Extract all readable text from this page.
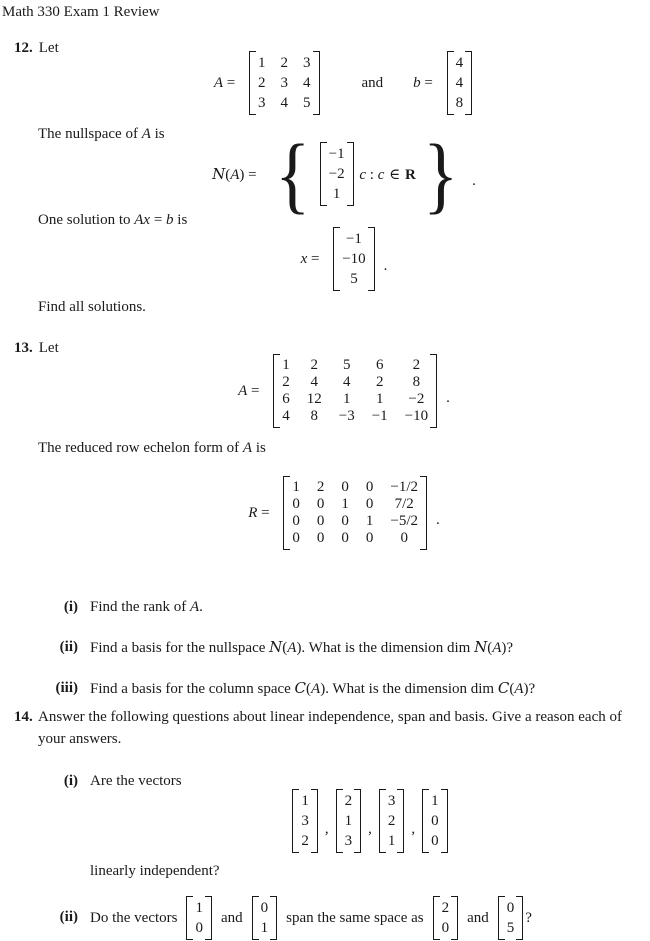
Math 330 Exam 1 Review
12. Let
A =
1 2 3
2 3 4
3 4 5
and b =
4
4
8
The nullspace of A is
N(A) = { −1
−2
1
c : c ∈ R } .
One solution to Ax = b is
x =
−1
−10
5
.
Find all solutions.
13. Let
A =
1 2 5 6 2
2 4 4 2 8
6 12 1 1 −2
4 8 −3 −1 −10
.
The reduced row echelon form of A is
R =
1 2 0 0 −1/2
0 0 1 0 7/2
0 0 0 1 −5/2
0 0 0 0 0
.
(i) Find the rank of A.
(ii) Find a basis for the nullspace N(A). What is the dimension dim N(A)?
(iii) Find a basis for the column space C(A). What is the dimension dim C(A)?
14. Answer the following questions about linear independence, span and basis. Give a reason each of your answers.
(i) Are the vectors
1
3
2
,
2
1
3
,
3
2
1
,
1
0
0
linearly independent?
(ii) Do the vectors
1
0
and
0
1
span the same space as
2
0
and
0
5
?
